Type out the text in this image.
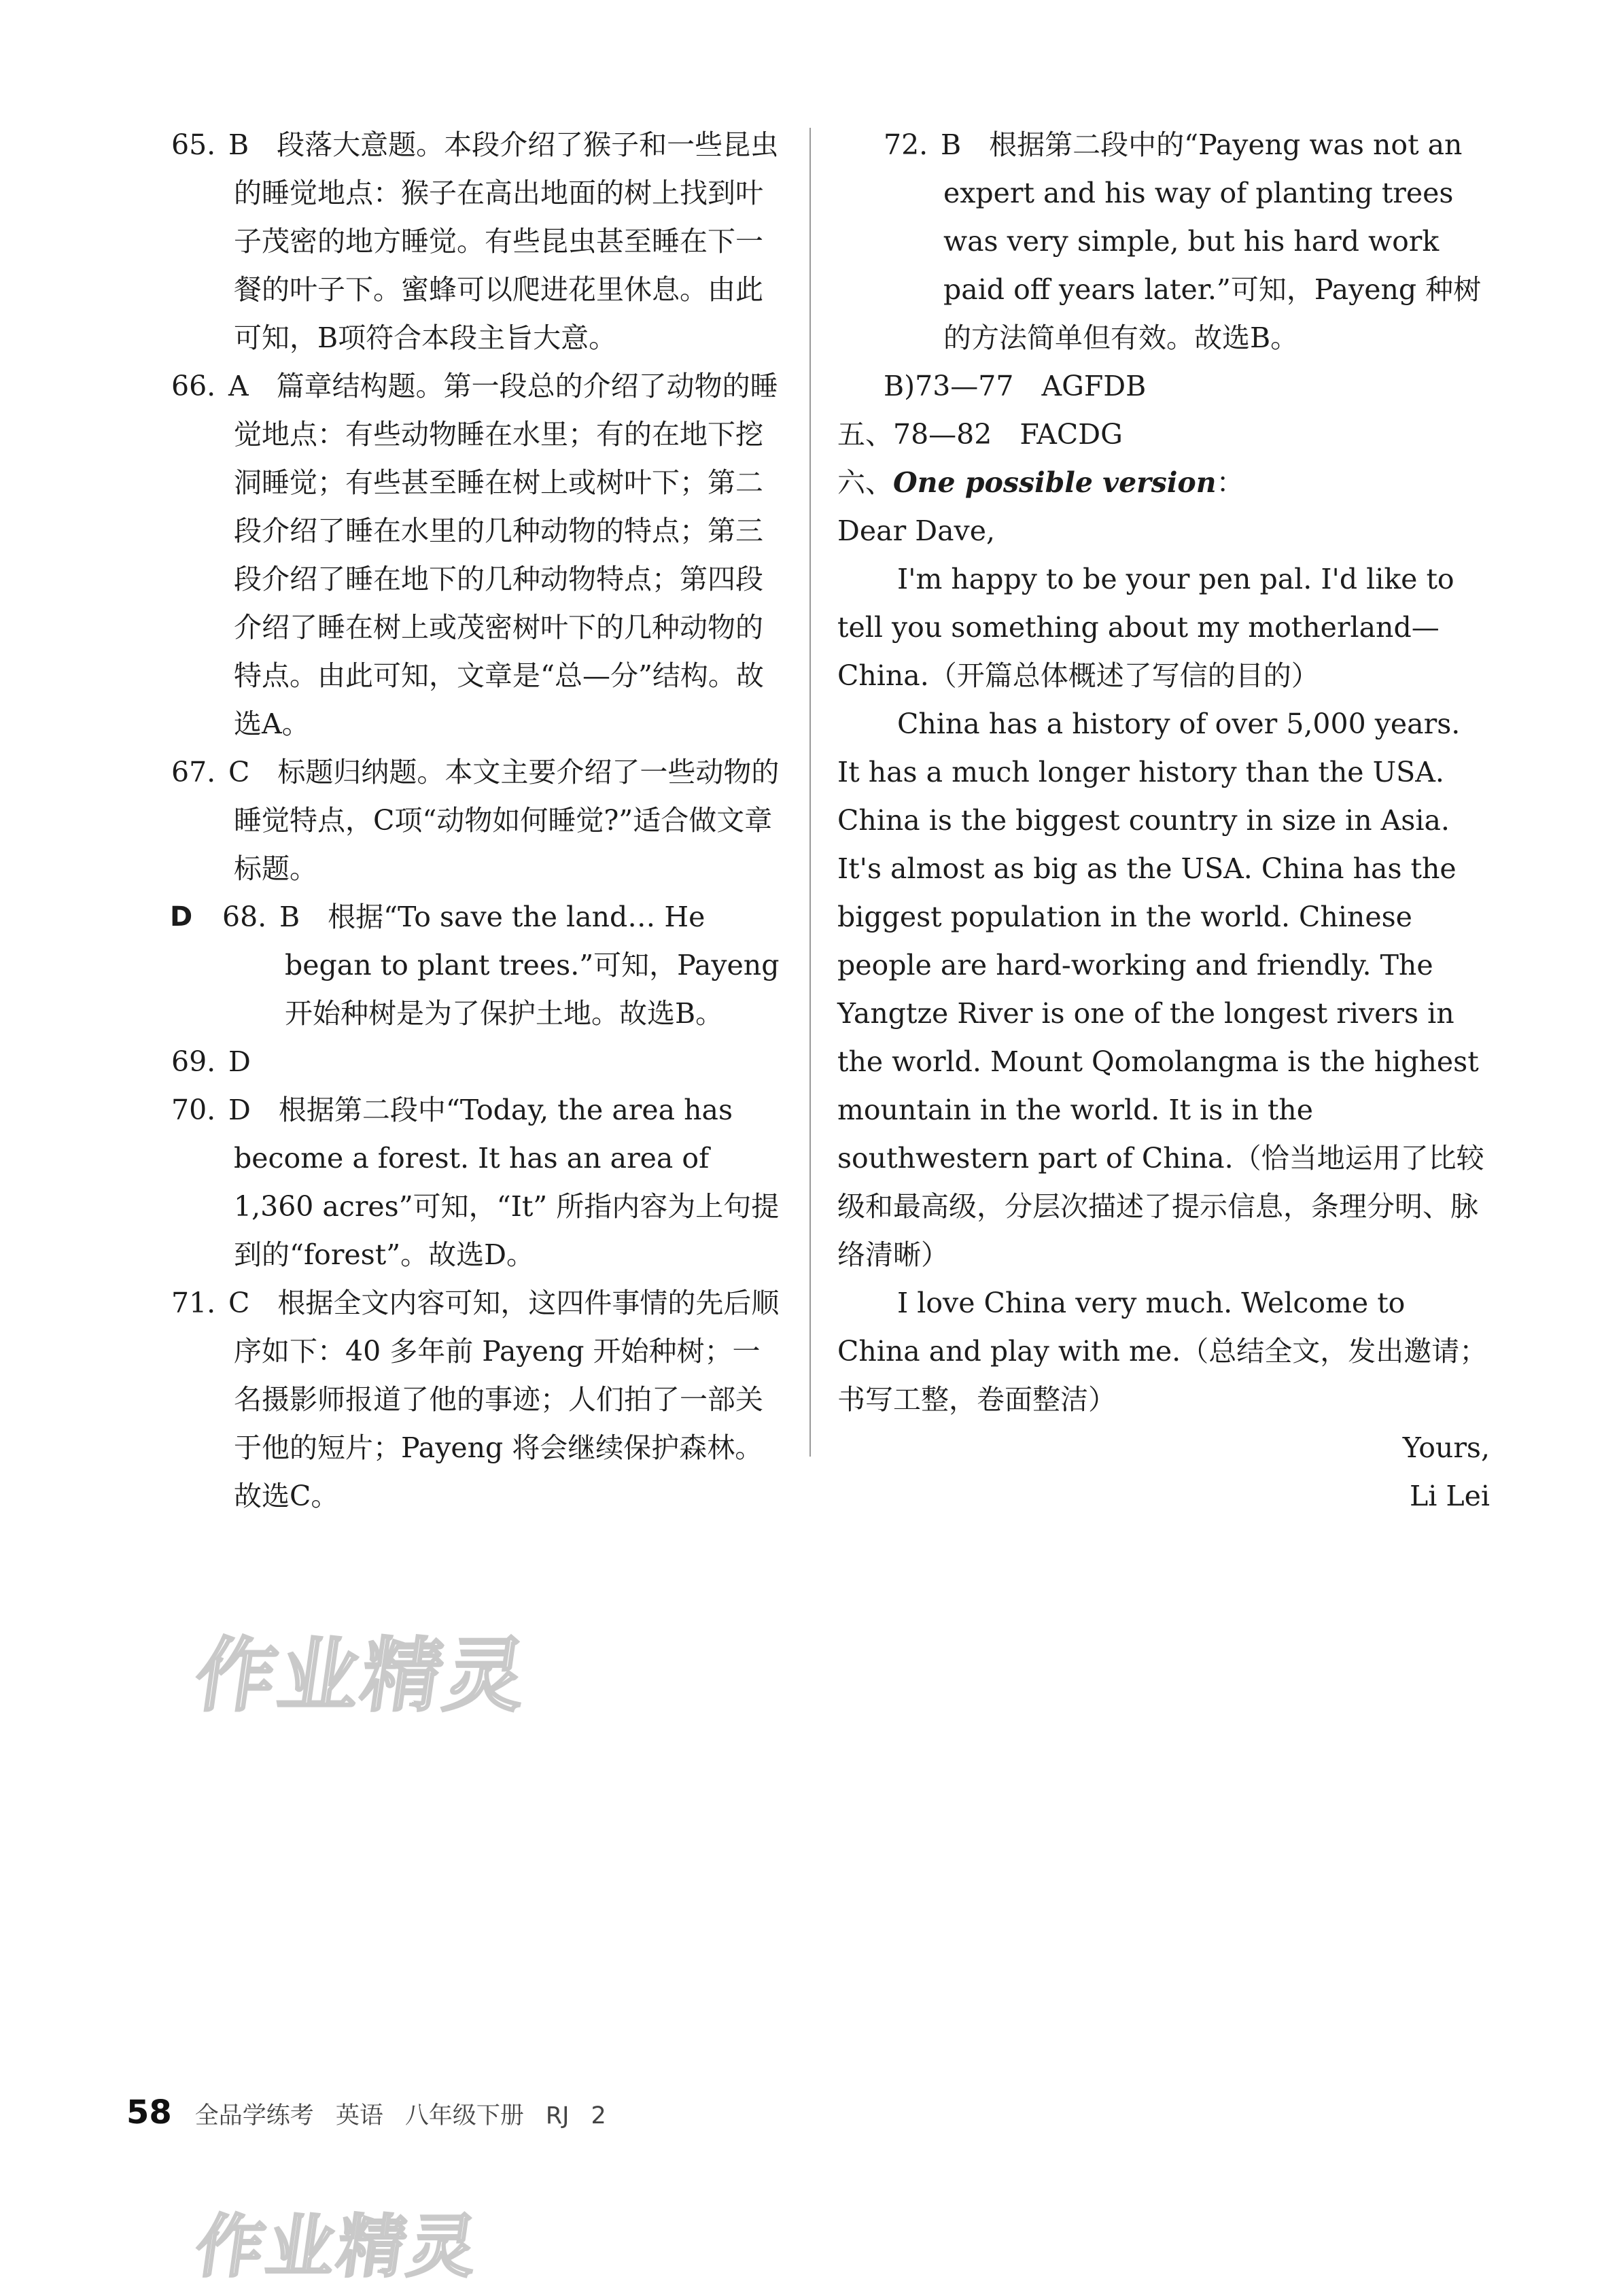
65. B　段落大意题。本段介绍了猴子和一些昆虫的睡觉地点：猴子在高出地面的树上找到叶子茂密的地方睡觉。有些昆虫甚至睡在下一餐的叶子下。蜜蜂可以爬进花里休息。由此可知，B项符合本段主旨大意。
66. A　篇章结构题。第一段总的介绍了动物的睡觉地点：有些动物睡在水里；有的在地下挖洞睡觉；有些甚至睡在树上或树叶下；第二段介绍了睡在水里的几种动物的特点；第三段介绍了睡在地下的几种动物特点；第四段介绍了睡在树上或茂密树叶下的几种动物的特点。由此可知，文章是“总—分”结构。故选A。
67. C　标题归纳题。本文主要介绍了一些动物的睡觉特点，C项“动物如何睡觉?”适合做文章标题。
D 68. B　根据“To save the land… He began to plant trees.”可知，Payeng 开始种树是为了保护土地。故选B。
69. D
70. D　根据第二段中“Today, the area has become a forest. It has an area of 1,360 acres”可知，“It” 所指内容为上句提到的“forest”。故选D。
71. C　根据全文内容可知，这四件事情的先后顺序如下：40 多年前 Payeng 开始种树；一名摄影师报道了他的事迹；人们拍了一部关于他的短片；Payeng 将会继续保护森林。故选C。
72. B　根据第二段中的“Payeng was not an expert and his way of planting trees was very simple, but his hard work paid off years later.”可知，Payeng 种树的方法简单但有效。故选B。
B)73—77　AGFDB
五、78—82　FACDG
六、One possible version：
Dear Dave,
I'm happy to be your pen pal. I'd like to tell you something about my motherland—China.（开篇总体概述了写信的目的）
China has a history of over 5,000 years. It has a much longer history than the USA. China is the biggest country in size in Asia. It's almost as big as the USA. China has the biggest population in the world. Chinese people are hard-working and friendly. The Yangtze River is one of the longest rivers in the world. Mount Qomolangma is the highest mountain in the world. It is in the southwestern part of China.（恰当地运用了比较级和最高级，分层次描述了提示信息，条理分明、脉络清晰）
I love China very much. Welcome to China and play with me.（总结全文，发出邀请；书写工整，卷面整洁）
Yours,
Li Lei
作业精灵
58 全品学练考 英语 八年级下册 RJ 2
作业精灵
